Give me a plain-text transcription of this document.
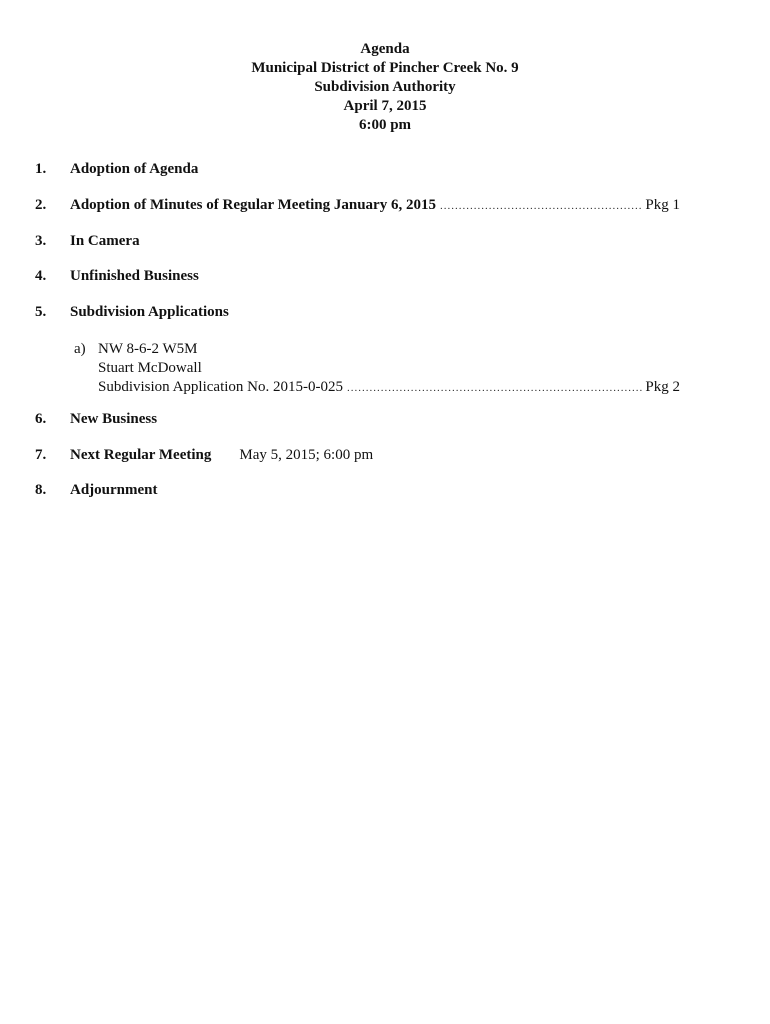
Agenda
Municipal District of Pincher Creek No. 9
Subdivision Authority
April 7, 2015
6:00 pm
1.	Adoption of Agenda
2.	Adoption of Minutes of Regular Meeting January 6, 2015 .....	Pkg 1
3.	In Camera
4.	Unfinished Business
5.	Subdivision Applications
a) NW 8-6-2 W5M
Stuart McDowall
Subdivision Application No. 2015-0-025 .....	Pkg 2
6.	New Business
7.	Next Regular Meeting May 5, 2015; 6:00 pm
8.	Adjournment
